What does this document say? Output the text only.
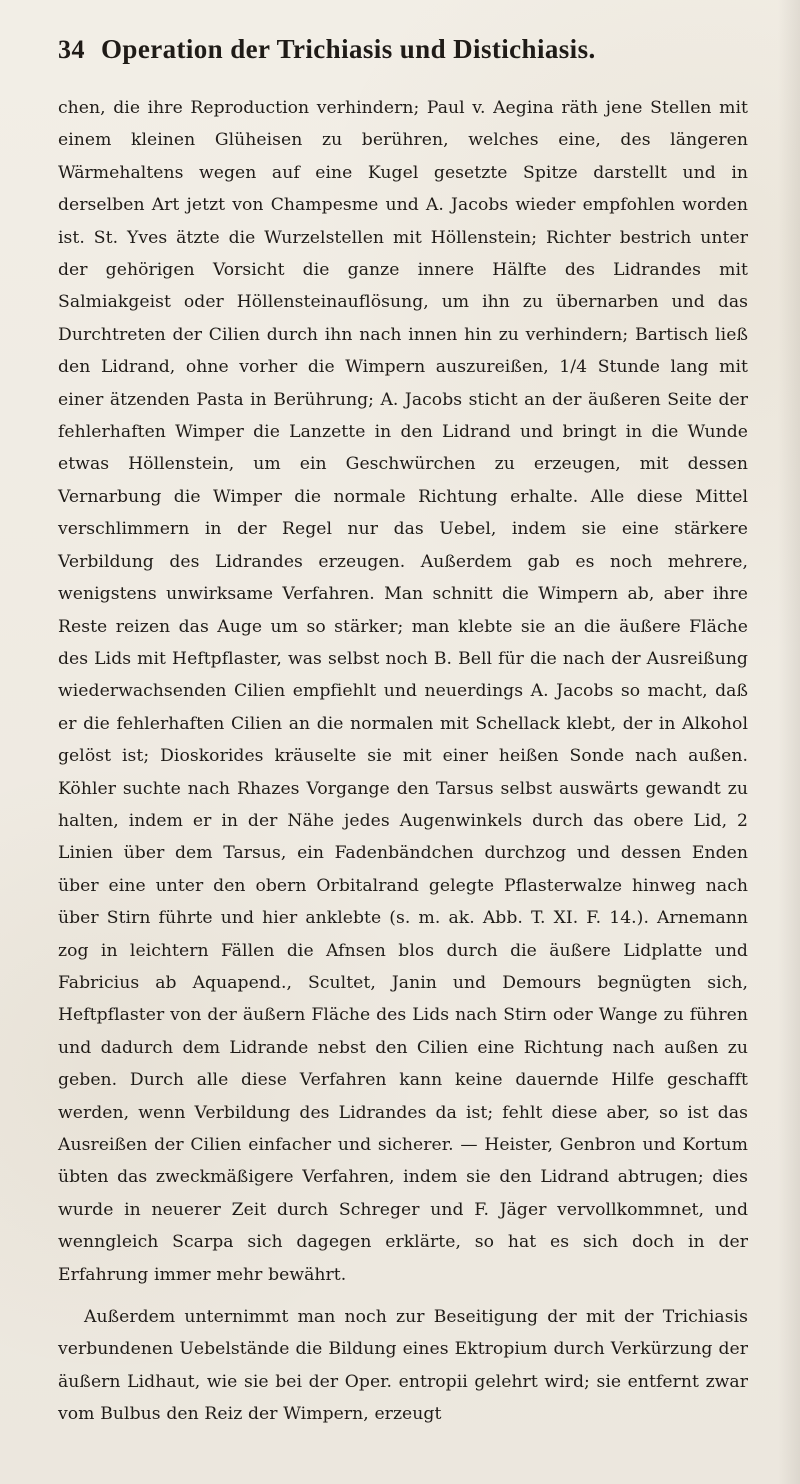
34 Operation der Trichiasis und Distichiasis.

chen, die ihre Reproduction verhindern; Paul v. Aegina räth jene Stellen mit einem kleinen Glüheisen zu berühren, welches eine, des längeren Wärmehaltens wegen auf eine Kugel gesetzte Spitze darstellt und in derselben Art jetzt von Champesme und A. Jacobs wieder empfohlen worden ist. St. Yves ätzte die Wurzelstellen mit Höllenstein; Richter bestrich unter der gehörigen Vorsicht die ganze innere Hälfte des Lidrandes mit Salmiakgeist oder Höllensteinauflösung, um ihn zu übernarben und das Durchtreten der Cilien durch ihn nach innen hin zu verhindern; Bartisch ließ den Lidrand, ohne vorher die Wimpern auszureißen, 1/4 Stunde lang mit einer ätzenden Pasta in Berührung; A. Jacobs sticht an der äußeren Seite der fehlerhaften Wimper die Lanzette in den Lidrand und bringt in die Wunde etwas Höllenstein, um ein Geschwürchen zu erzeugen, mit dessen Vernarbung die Wimper die normale Richtung erhalte. Alle diese Mittel verschlimmern in der Regel nur das Uebel, indem sie eine stärkere Verbildung des Lidrandes erzeugen. Außerdem gab es noch mehrere, wenigstens unwirksame Verfahren. Man schnitt die Wimpern ab, aber ihre Reste reizen das Auge um so stärker; man klebte sie an die äußere Fläche des Lids mit Heftpflaster, was selbst noch B. Bell für die nach der Ausreißung wiederwachsenden Cilien empfiehlt und neuerdings A. Jacobs so macht, daß er die fehlerhaften Cilien an die normalen mit Schellack klebt, der in Alkohol gelöst ist; Dioskorides kräuselte sie mit einer heißen Sonde nach außen. Köhler suchte nach Rhazes Vorgange den Tarsus selbst auswärts gewandt zu halten, indem er in der Nähe jedes Augenwinkels durch das obere Lid, 2 Linien über dem Tarsus, ein Fadenbändchen durchzog und dessen Enden über eine unter den obern Orbitalrand gelegte Pflasterwalze hinweg nach über Stirn führte und hier anklebte (s. m. ak. Abb. T. XI. F. 14.). Arnemann zog in leichtern Fällen die Afnsen blos durch die äußere Lidplatte und Fabricius ab Aquapend., Scultet, Janin und Demours begnügten sich, Heftpflaster von der äußern Fläche des Lids nach Stirn oder Wange zu führen und dadurch dem Lidrande nebst den Cilien eine Richtung nach außen zu geben. Durch alle diese Verfahren kann keine dauernde Hilfe geschafft werden, wenn Verbildung des Lidrandes da ist; fehlt diese aber, so ist das Ausreißen der Cilien einfacher und sicherer. — Heister, Genbron und Kortum übten das zweckmäßigere Verfahren, indem sie den Lidrand abtrugen; dies wurde in neuerer Zeit durch Schreger und F. Jäger vervollkommnet, und wenngleich Scarpa sich dagegen erklärte, so hat es sich doch in der Erfahrung immer mehr bewährt.

Außerdem unternimmt man noch zur Beseitigung der mit der Trichiasis verbundenen Uebelstände die Bildung eines Ektropium durch Verkürzung der äußern Lidhaut, wie sie bei der Oper. entropii gelehrt wird; sie entfernt zwar vom Bulbus den Reiz der Wimpern, erzeugt
